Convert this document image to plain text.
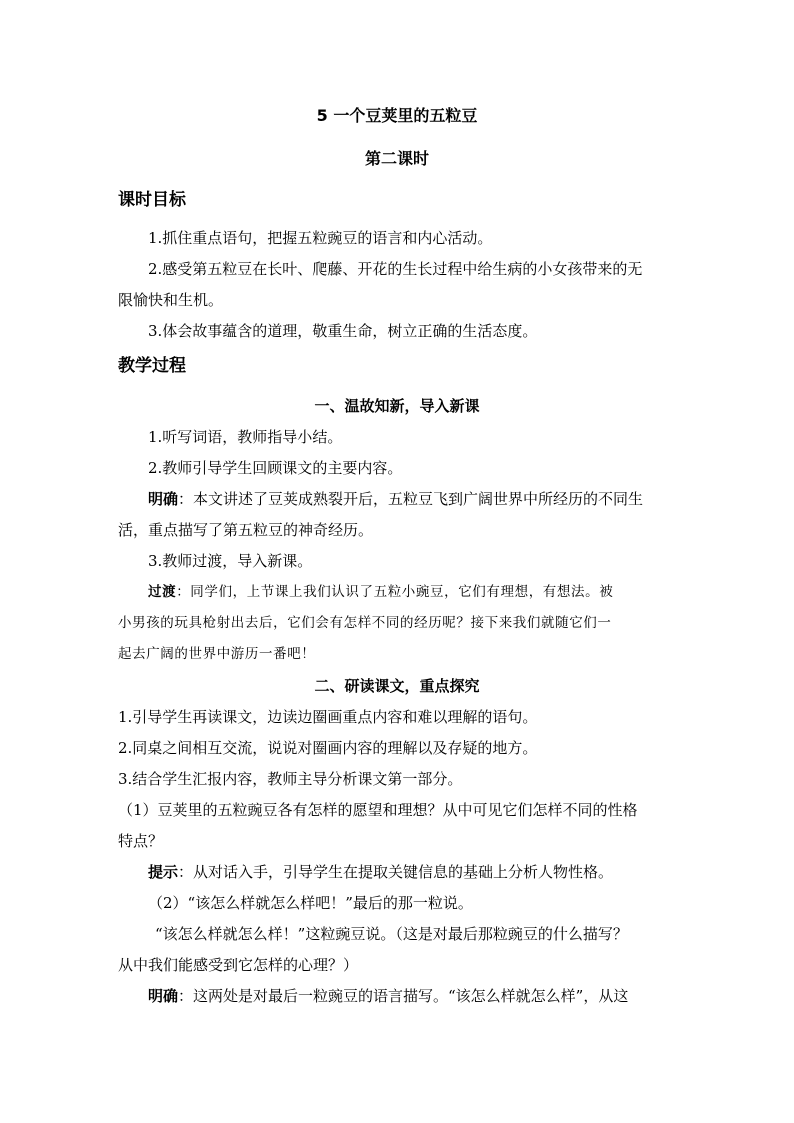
5 一个豆荚里的五粒豆
第二课时
课时目标
1.抓住重点语句，把握五粒豌豆的语言和内心活动。
2.感受第五粒豆在长叶、爬藤、开花的生长过程中给生病的小女孩带来的无
限愉快和生机。
3.体会故事蕴含的道理，敬重生命，树立正确的生活态度。
教学过程
一、温故知新，导入新课
1.听写词语，教师指导小结。
2.教师引导学生回顾课文的主要内容。
明确：本文讲述了豆荚成熟裂开后，五粒豆飞到广阔世界中所经历的不同生
活，重点描写了第五粒豆的神奇经历。
3.教师过渡，导入新课。
过渡：同学们，上节课上我们认识了五粒小豌豆，它们有理想，有想法。被
小男孩的玩具枪射出去后，它们会有怎样不同的经历呢？接下来我们就随它们一
起去广阔的世界中游历一番吧！
二、研读课文，重点探究
1.引导学生再读课文，边读边圈画重点内容和难以理解的语句。
2.同桌之间相互交流，说说对圈画内容的理解以及存疑的地方。
3.结合学生汇报内容，教师主导分析课文第一部分。
（1）豆荚里的五粒豌豆各有怎样的愿望和理想？从中可见它们怎样不同的性格
特点？
提示：从对话入手，引导学生在提取关键信息的基础上分析人物性格。
（2）“该怎么样就怎么样吧！”最后的那一粒说。
“该怎么样就怎么样！”这粒豌豆说。（这是对最后那粒豌豆的什么描写？
从中我们能感受到它怎样的心理？）
明确：这两处是对最后一粒豌豆的语言描写。“该怎么样就怎么样”，从这
